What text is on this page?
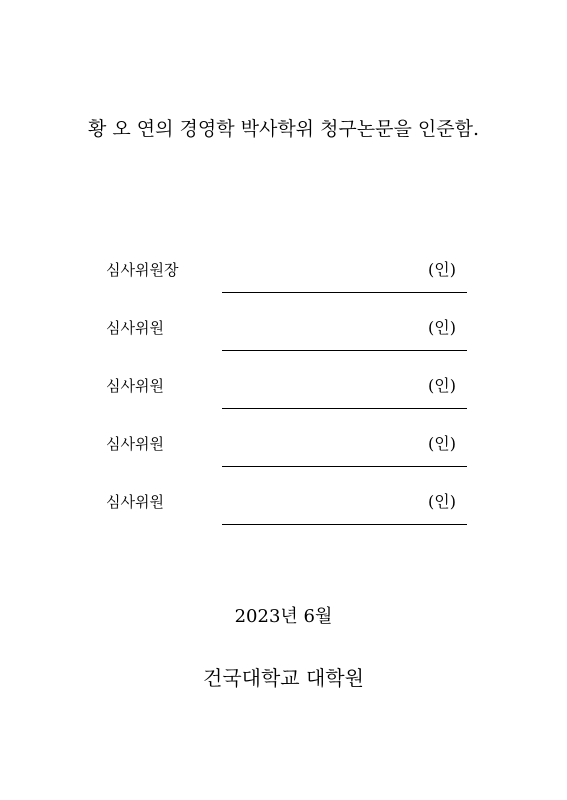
황 오 연의 경영학 박사학위 청구논문을 인준함.
심사위원장	(인)
심사위원	(인)
심사위원	(인)
심사위원	(인)
심사위원	(인)
2023년 6월
건국대학교 대학원
